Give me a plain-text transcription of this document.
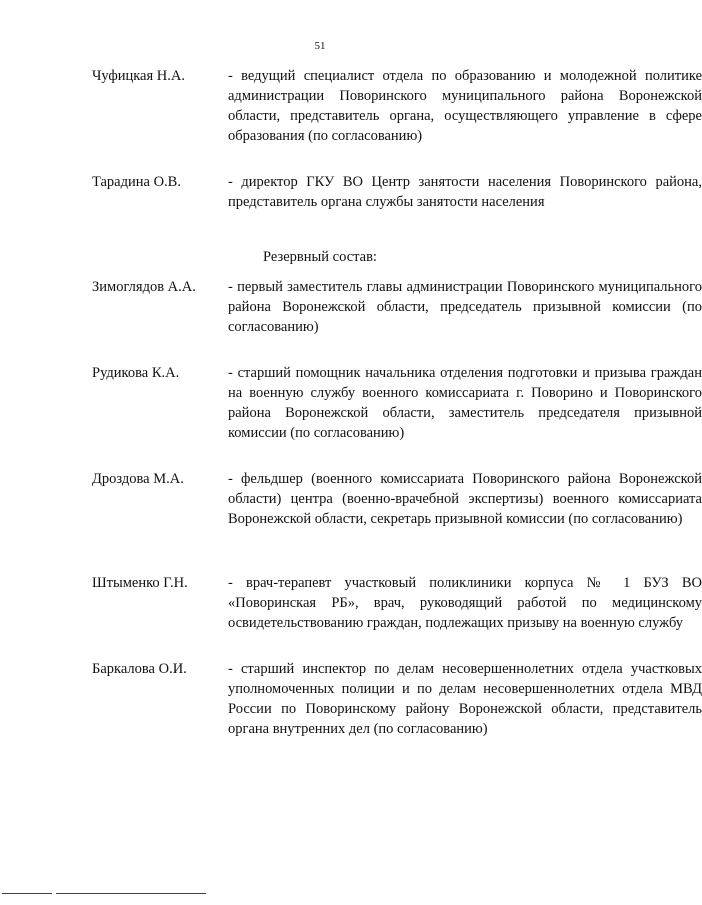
51
Чуфицкая Н.А.	- ведущий специалист отдела по образованию и молодежной политике администрации Поворинского муниципального района Воронежской области, представитель органа, осуществляющего управление в сфере образования (по согласованию)
Тарадина О.В.	- директор ГКУ ВО Центр занятости населения Поворинского района, представитель органа службы занятости населения
Резервный состав:
Зимоглядов А.А.	- первый заместитель главы администрации Поворинского муниципального района Воронежской области, председатель призывной комиссии (по согласованию)
Рудикова К.А.	- старший помощник начальника отделения подготовки и призыва граждан на военную службу военного комиссариата г. Поворино и Поворинского района Воронежской области, заместитель председателя призывной комиссии (по согласованию)
Дроздова М.А.	- фельдшер (военного комиссариата Поворинского района Воронежской области) центра (военно-врачебной экспертизы) военного комиссариата Воронежской области, секретарь призывной комиссии (по согласованию)
Штыменко Г.Н.	- врач-терапевт участковый поликлиники корпуса № 1 БУЗ ВО «Поворинская РБ», врач, руководящий работой по медицинскому освидетельствованию граждан, подлежащих призыву на военную службу
Баркалова О.И.	- старший инспектор по делам несовершеннолетних отдела участковых уполномоченных полиции и по делам несовершеннолетних отдела МВД России по Поворинскому району Воронежской области, представитель органа внутренних дел (по согласованию)
